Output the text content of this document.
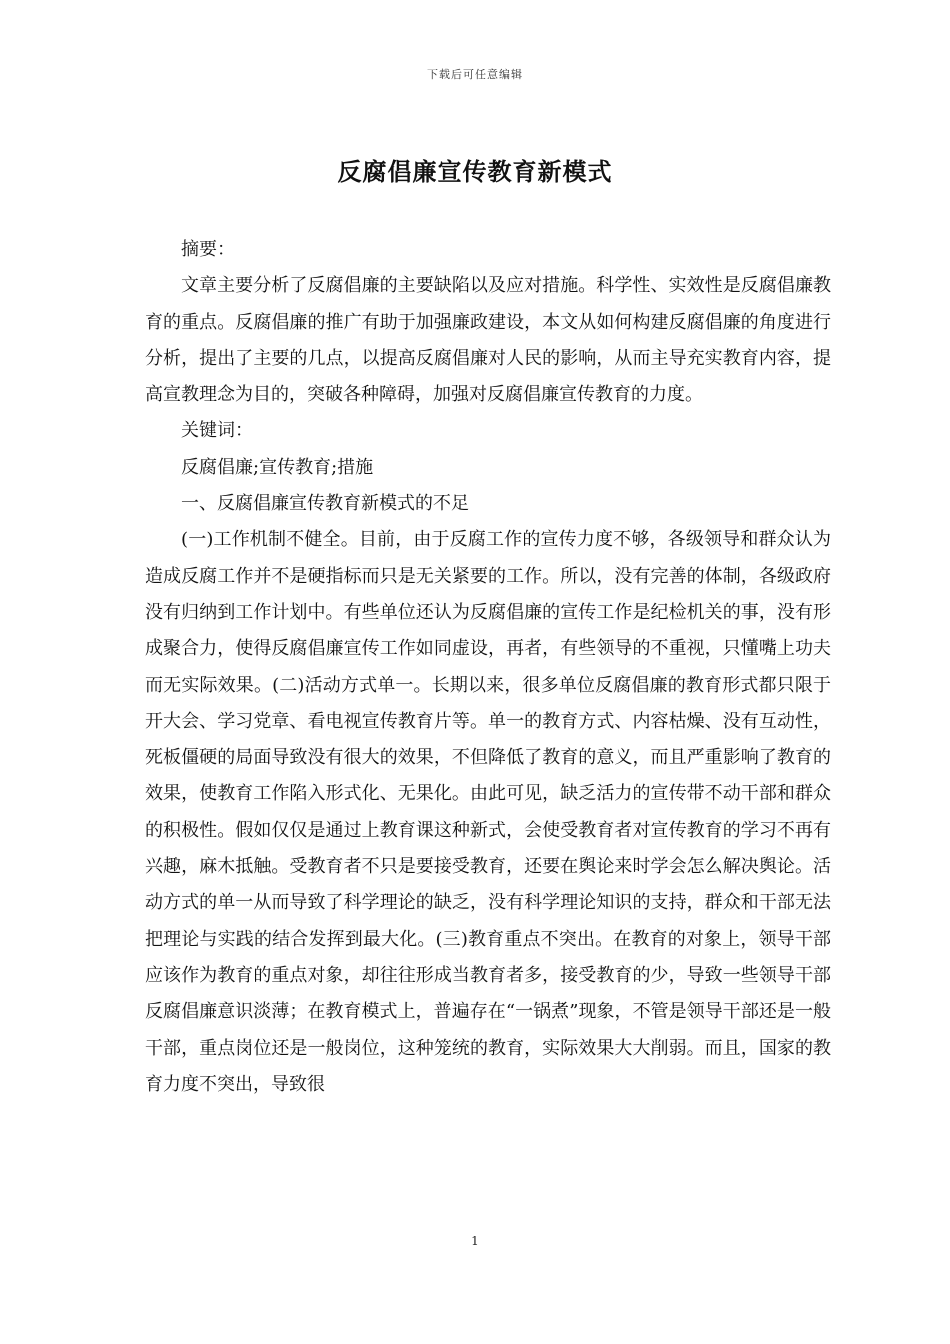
下载后可任意编辑
反腐倡廉宣传教育新模式

摘要：

文章主要分析了反腐倡廉的主要缺陷以及应对措施。科学性、实效性是反腐倡廉教育的重点。反腐倡廉的推广有助于加强廉政建设，本文从如何构建反腐倡廉的角度进行分析，提出了主要的几点，以提高反腐倡廉对人民的影响，从而主导充实教育内容，提高宣教理念为目的，突破各种障碍，加强对反腐倡廉宣传教育的力度。

关键词：

反腐倡廉;宣传教育;措施

一、反腐倡廉宣传教育新模式的不足

(一)工作机制不健全。目前，由于反腐工作的宣传力度不够，各级领导和群众认为造成反腐工作并不是硬指标而只是无关紧要的工作。所以，没有完善的体制，各级政府没有归纳到工作计划中。有些单位还认为反腐倡廉的宣传工作是纪检机关的事，没有形成聚合力，使得反腐倡廉宣传工作如同虚设，再者，有些领导的不重视，只懂嘴上功夫而无实际效果。(二)活动方式单一。长期以来，很多单位反腐倡廉的教育形式都只限于开大会、学习党章、看电视宣传教育片等。单一的教育方式、内容枯燥、没有互动性，死板僵硬的局面导致没有很大的效果，不但降低了教育的意义，而且严重影响了教育的效果，使教育工作陷入形式化、无果化。由此可见，缺乏活力的宣传带不动干部和群众的积极性。假如仅仅是通过上教育课这种新式，会使受教育者对宣传教育的学习不再有兴趣，麻木抵触。受教育者不只是要接受教育，还要在舆论来时学会怎么解决舆论。活动方式的单一从而导致了科学理论的缺乏，没有科学理论知识的支持，群众和干部无法把理论与实践的结合发挥到最大化。(三)教育重点不突出。在教育的对象上，领导干部应该作为教育的重点对象，却往往形成当教育者多，接受教育的少，导致一些领导干部反腐倡廉意识淡薄；在教育模式上，普遍存在“一锅煮”现象，不管是领导干部还是一般干部，重点岗位还是一般岗位，这种笼统的教育，实际效果大大削弱。而且，国家的教育力度不突出，导致很

1
